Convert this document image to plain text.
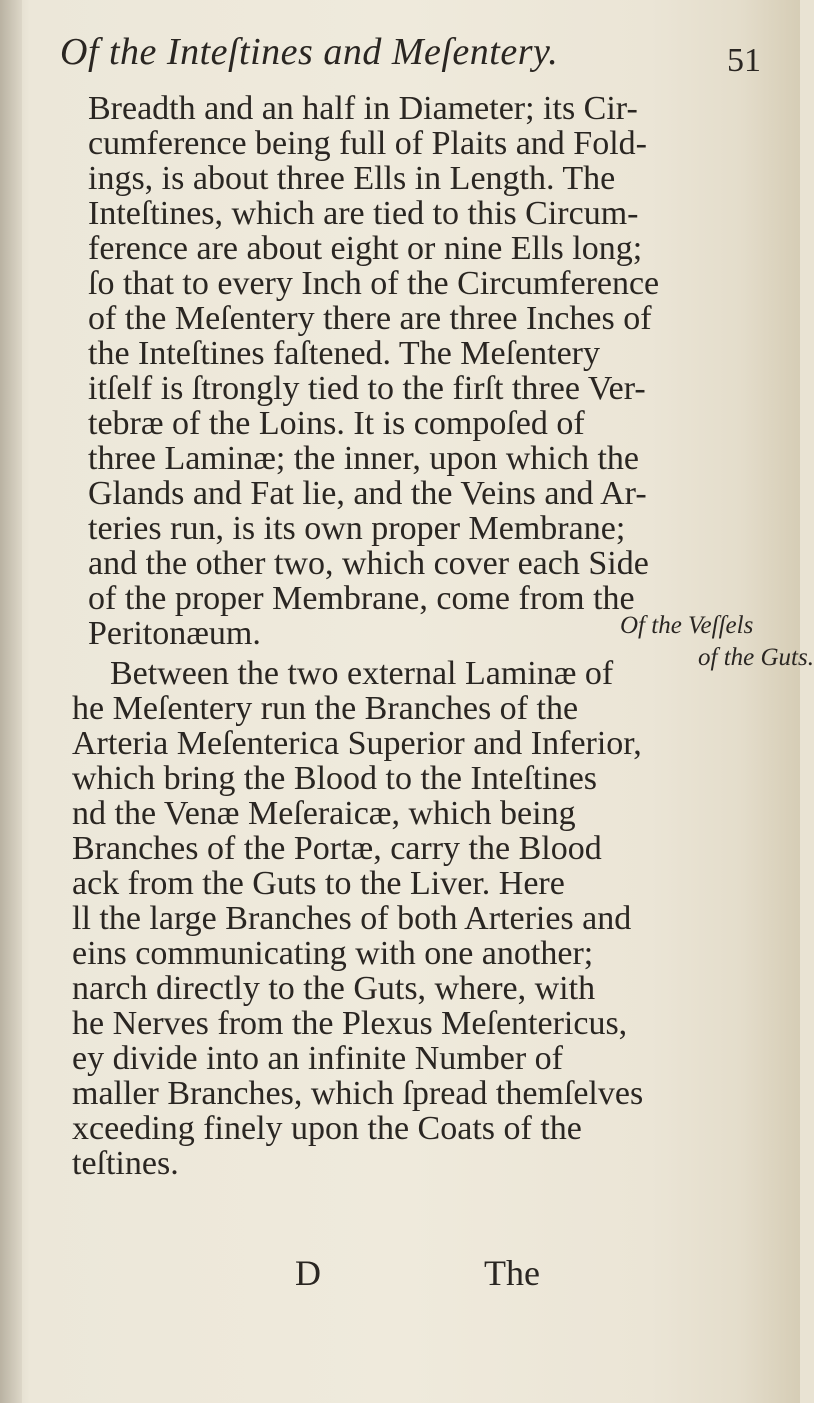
Of the Inteſtines and Meſentery.	51
Breadth and an half in Diameter; its Cir-
cumference being full of Plaits and Fold-
ings, is about three Ells in Length. The
Inteſtines, which are tied to this Circum-
ference are about eight or nine Ells long;
ſo that to every Inch of the Circumference
of the Meſentery there are three Inches of
the Inteſtines faſtened. The Meſentery
itſelf is ſtrongly tied to the firſt three Ver-
tebræ of the Loins. It is compoſed of
three Laminæ; the inner, upon which the
Glands and Fat lie, and the Veins and Ar-
teries run, is its own proper Membrane;
and the other two, which cover each Side
of the proper Membrane, come from the
Peritonæum.
Between the two external Laminæ of
he Meſentery run the Branches of the
Arteria Meſenterica Superior and Inferior,
which bring the Blood to the Inteſtines
nd the Venæ Meſeraicæ, which being
Branches of the Portæ, carry the Blood
ack from the Guts to the Liver. Here
ll the large Branches of both Arteries and
eins communicating with one another;
narch directly to the Guts, where, with
he Nerves from the Plexus Meſentericus,
ey divide into an infinite Number of
maller Branches, which ſpread themſelves
xceeding finely upon the Coats of the
teſtines.
Of the Veſſels
of the Guts.
D	The
